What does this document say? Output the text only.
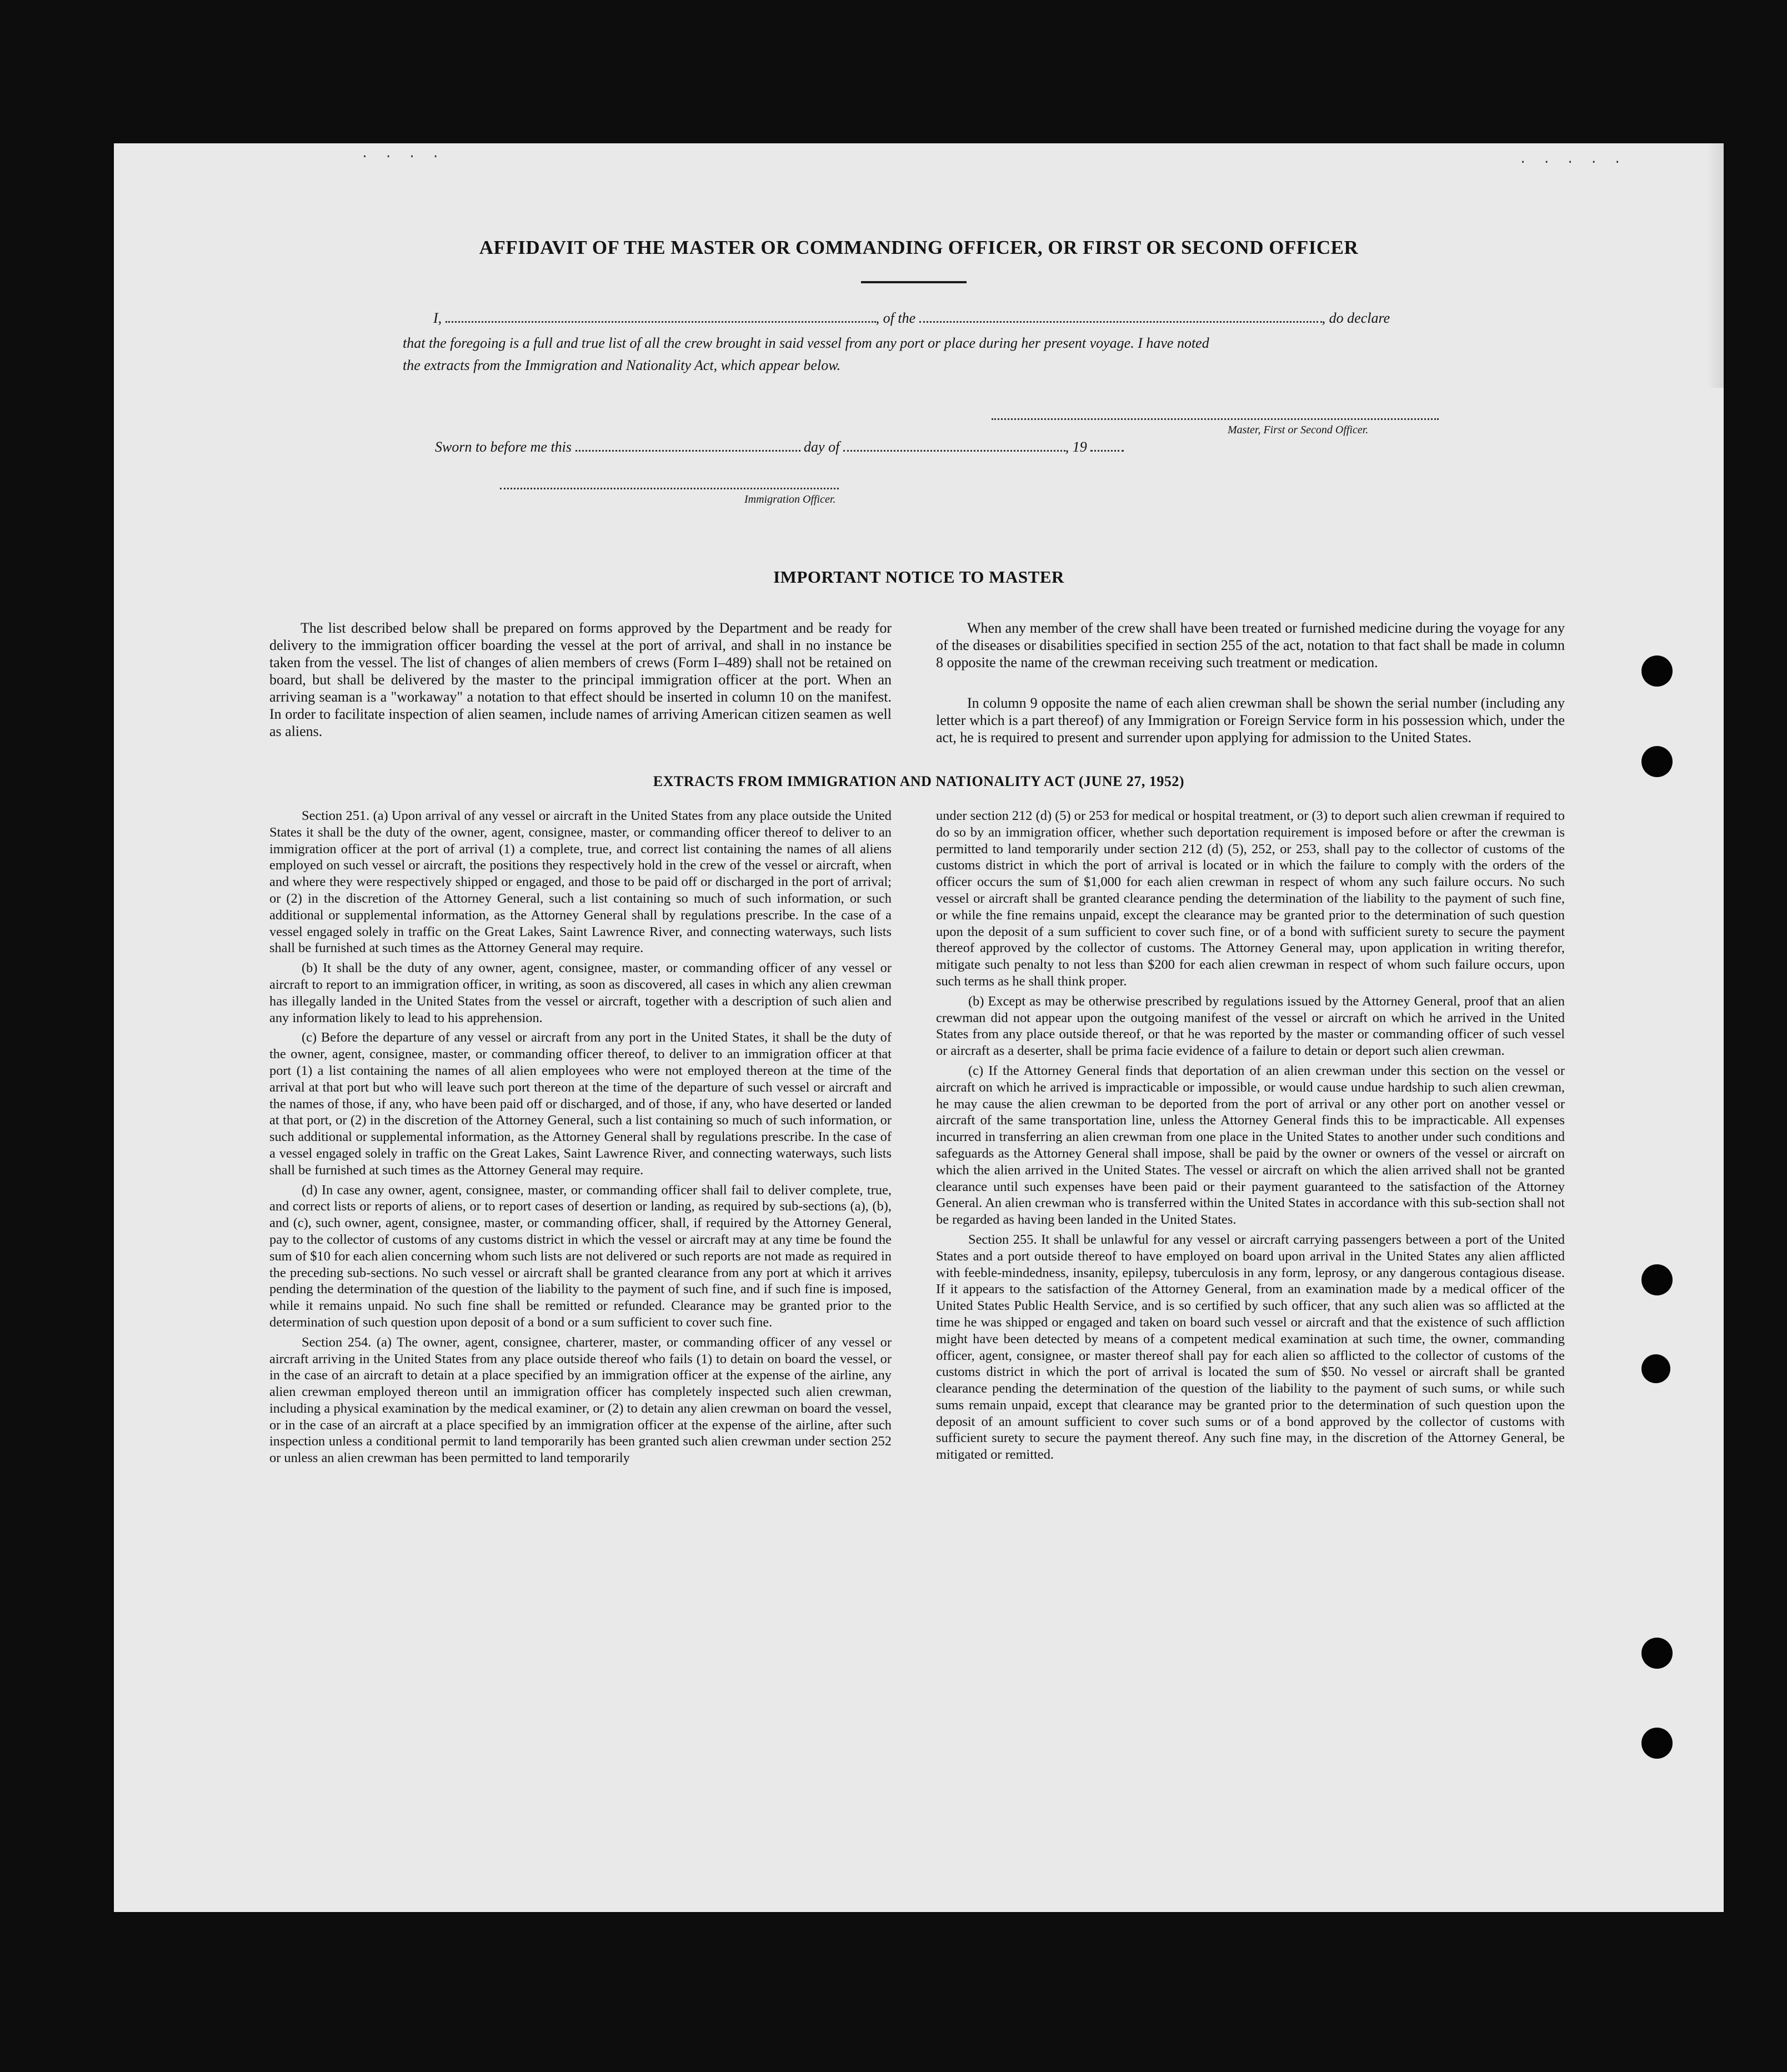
· · · ·	· · · · ·
AFFIDAVIT OF THE MASTER OR COMMANDING OFFICER, OR FIRST OR SECOND OFFICER
I,	, of the	, do declare
that the foregoing is a full and true list of all the crew brought in said vessel from any port or place during her present voyage. I have noted
the extracts from the Immigration and Nationality Act, which appear below.
Master, First or Second Officer.
Sworn to before me this	day of	, 19
Immigration Officer.
IMPORTANT NOTICE TO MASTER
The list described below shall be prepared on forms approved by the Department and be ready for delivery to the immigration officer boarding the vessel at the port of arrival, and shall in no instance be taken from the vessel. The list of changes of alien members of crews (Form I–489) shall not be retained on board, but shall be delivered by the master to the principal immigration officer at the port. When an arriving seaman is a "workaway" a notation to that effect should be inserted in column 10 on the manifest. In order to facilitate inspection of alien seamen, include names of arriving American citizen seamen as well as aliens.
When any member of the crew shall have been treated or furnished medicine during the voyage for any of the diseases or disabilities specified in section 255 of the act, notation to that fact shall be made in column 8 opposite the name of the crewman receiving such treatment or medication.
In column 9 opposite the name of each alien crewman shall be shown the serial number (including any letter which is a part thereof) of any Immigration or Foreign Service form in his possession which, under the act, he is required to present and surrender upon applying for admission to the United States.
EXTRACTS FROM IMMIGRATION AND NATIONALITY ACT (JUNE 27, 1952)

Section 251. (a) Upon arrival of any vessel or aircraft in the United States from any place outside the United States it shall be the duty of the owner, agent, consignee, master, or commanding officer thereof to deliver to an immigration officer at the port of arrival (1) a complete, true, and correct list containing the names of all aliens employed on such vessel or aircraft, the positions they respectively hold in the crew of the vessel or aircraft, when and where they were respectively shipped or engaged, and those to be paid off or discharged in the port of arrival; or (2) in the discretion of the Attorney General, such a list containing so much of such information, or such additional or supplemental information, as the Attorney General shall by regulations prescribe. In the case of a vessel engaged solely in traffic on the Great Lakes, Saint Lawrence River, and connecting waterways, such lists shall be furnished at such times as the Attorney General may require.

(b) It shall be the duty of any owner, agent, consignee, master, or commanding officer of any vessel or aircraft to report to an immigration officer, in writing, as soon as discovered, all cases in which any alien crewman has illegally landed in the United States from the vessel or aircraft, together with a description of such alien and any information likely to lead to his apprehension.

(c) Before the departure of any vessel or aircraft from any port in the United States, it shall be the duty of the owner, agent, consignee, master, or commanding officer thereof, to deliver to an immigration officer at that port (1) a list containing the names of all alien employees who were not employed thereon at the time of the arrival at that port but who will leave such port thereon at the time of the departure of such vessel or aircraft and the names of those, if any, who have been paid off or discharged, and of those, if any, who have deserted or landed at that port, or (2) in the discretion of the Attorney General, such a list containing so much of such information, or such additional or supplemental information, as the Attorney General shall by regulations prescribe. In the case of a vessel engaged solely in traffic on the Great Lakes, Saint Lawrence River, and connecting waterways, such lists shall be furnished at such times as the Attorney General may require.

(d) In case any owner, agent, consignee, master, or commanding officer shall fail to deliver complete, true, and correct lists or reports of aliens, or to report cases of desertion or landing, as required by sub-sections (a), (b), and (c), such owner, agent, consignee, master, or commanding officer, shall, if required by the Attorney General, pay to the collector of customs of any customs district in which the vessel or aircraft may at any time be found the sum of $10 for each alien concerning whom such lists are not delivered or such reports are not made as required in the preceding sub-sections. No such vessel or aircraft shall be granted clearance from any port at which it arrives pending the determination of the question of the liability to the payment of such fine, and if such fine is imposed, while it remains unpaid. No such fine shall be remitted or refunded. Clearance may be granted prior to the determination of such question upon deposit of a bond or a sum sufficient to cover such fine.

Section 254. (a) The owner, agent, consignee, charterer, master, or commanding officer of any vessel or aircraft arriving in the United States from any place outside thereof who fails (1) to detain on board the vessel, or in the case of an aircraft to detain at a place specified by an immigration officer at the expense of the airline, any alien crewman employed thereon until an immigration officer has completely inspected such alien crewman, including a physical examination by the medical examiner, or (2) to detain any alien crewman on board the vessel, or in the case of an aircraft at a place specified by an immigration officer at the expense of the airline, after such inspection unless a conditional permit to land temporarily has been granted such alien crewman under section 252 or unless an alien crewman has been permitted to land temporarily

under section 212 (d) (5) or 253 for medical or hospital treatment, or (3) to deport such alien crewman if required to do so by an immigration officer, whether such deportation requirement is imposed before or after the crewman is permitted to land temporarily under section 212 (d) (5), 252, or 253, shall pay to the collector of customs of the customs district in which the port of arrival is located or in which the failure to comply with the orders of the officer occurs the sum of $1,000 for each alien crewman in respect of whom any such failure occurs. No such vessel or aircraft shall be granted clearance pending the determination of the liability to the payment of such fine, or while the fine remains unpaid, except the clearance may be granted prior to the determination of such question upon the deposit of a sum sufficient to cover such fine, or of a bond with sufficient surety to secure the payment thereof approved by the collector of customs. The Attorney General may, upon application in writing therefor, mitigate such penalty to not less than $200 for each alien crewman in respect of whom such failure occurs, upon such terms as he shall think proper.

(b) Except as may be otherwise prescribed by regulations issued by the Attorney General, proof that an alien crewman did not appear upon the outgoing manifest of the vessel or aircraft on which he arrived in the United States from any place outside thereof, or that he was reported by the master or commanding officer of such vessel or aircraft as a deserter, shall be prima facie evidence of a failure to detain or deport such alien crewman.

(c) If the Attorney General finds that deportation of an alien crewman under this section on the vessel or aircraft on which he arrived is impracticable or impossible, or would cause undue hardship to such alien crewman, he may cause the alien crewman to be deported from the port of arrival or any other port on another vessel or aircraft of the same transportation line, unless the Attorney General finds this to be impracticable. All expenses incurred in transferring an alien crewman from one place in the United States to another under such conditions and safeguards as the Attorney General shall impose, shall be paid by the owner or owners of the vessel or aircraft on which the alien arrived in the United States. The vessel or aircraft on which the alien arrived shall not be granted clearance until such expenses have been paid or their payment guaranteed to the satisfaction of the Attorney General. An alien crewman who is transferred within the United States in accordance with this sub-section shall not be regarded as having been landed in the United States.

Section 255. It shall be unlawful for any vessel or aircraft carrying passengers between a port of the United States and a port outside thereof to have employed on board upon arrival in the United States any alien afflicted with feeble-mindedness, insanity, epilepsy, tuberculosis in any form, leprosy, or any dangerous contagious disease. If it appears to the satisfaction of the Attorney General, from an examination made by a medical officer of the United States Public Health Service, and is so certified by such officer, that any such alien was so afflicted at the time he was shipped or engaged and taken on board such vessel or aircraft and that the existence of such affliction might have been detected by means of a competent medical examination at such time, the owner, commanding officer, agent, consignee, or master thereof shall pay for each alien so afflicted to the collector of customs of the customs district in which the port of arrival is located the sum of $50. No vessel or aircraft shall be granted clearance pending the determination of the question of the liability to the payment of such sums, or while such sums remain unpaid, except that clearance may be granted prior to the determination of such question upon the deposit of an amount sufficient to cover such sums or of a bond approved by the collector of customs with sufficient surety to secure the payment thereof. Any such fine may, in the discretion of the Attorney General, be mitigated or remitted.
